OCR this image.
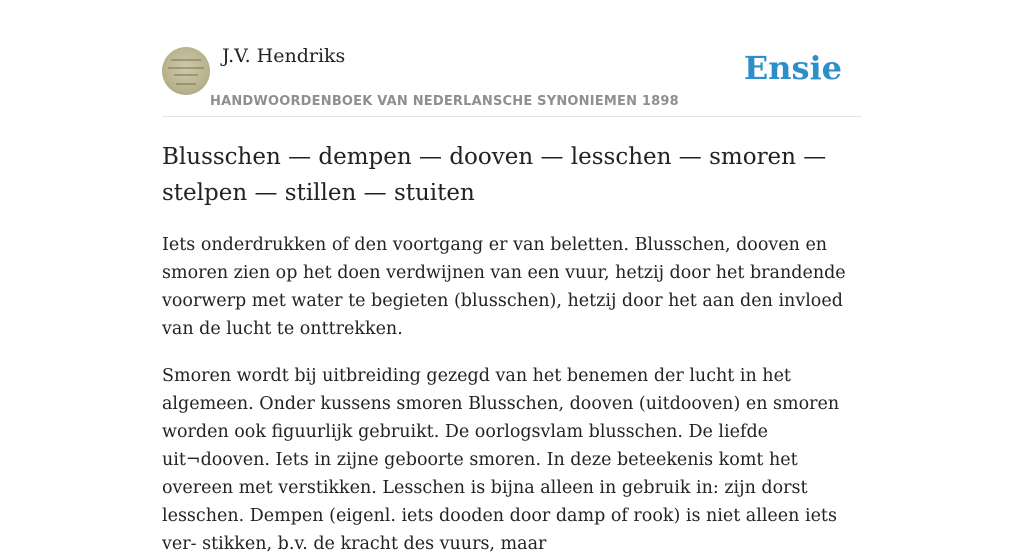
J.V. Hendriks
HANDWOORDENBOEK VAN NEDERLANSCHE SYNONIEMEN 1898
Ensie
Blusschen — dempen — dooven — lesschen — smoren — stelpen — stillen — stuiten

Iets onderdrukken of den voortgang er van beletten. Blusschen, dooven en smoren zien op het doen verdwijnen van een vuur, hetzij door het brandende voorwerp met water te begieten (blusschen), hetzij door het aan den invloed van de lucht te onttrekken.

Smoren wordt bij uitbreiding gezegd van het benemen der lucht in het algemeen. Onder kussens smoren Blusschen, dooven (uitdooven) en smoren worden ook figuurlijk gebruikt. De oorlogsvlam blusschen. De liefde uit¬dooven. Iets in zijne geboorte smoren. In deze beteekenis komt het overeen met verstikken. Lesschen is bijna alleen in gebruik in: zijn dorst lesschen. Dempen (eigenl. iets dooden door damp of rook) is niet alleen iets ver- stikken, b.v. de kracht des vuurs, maar
